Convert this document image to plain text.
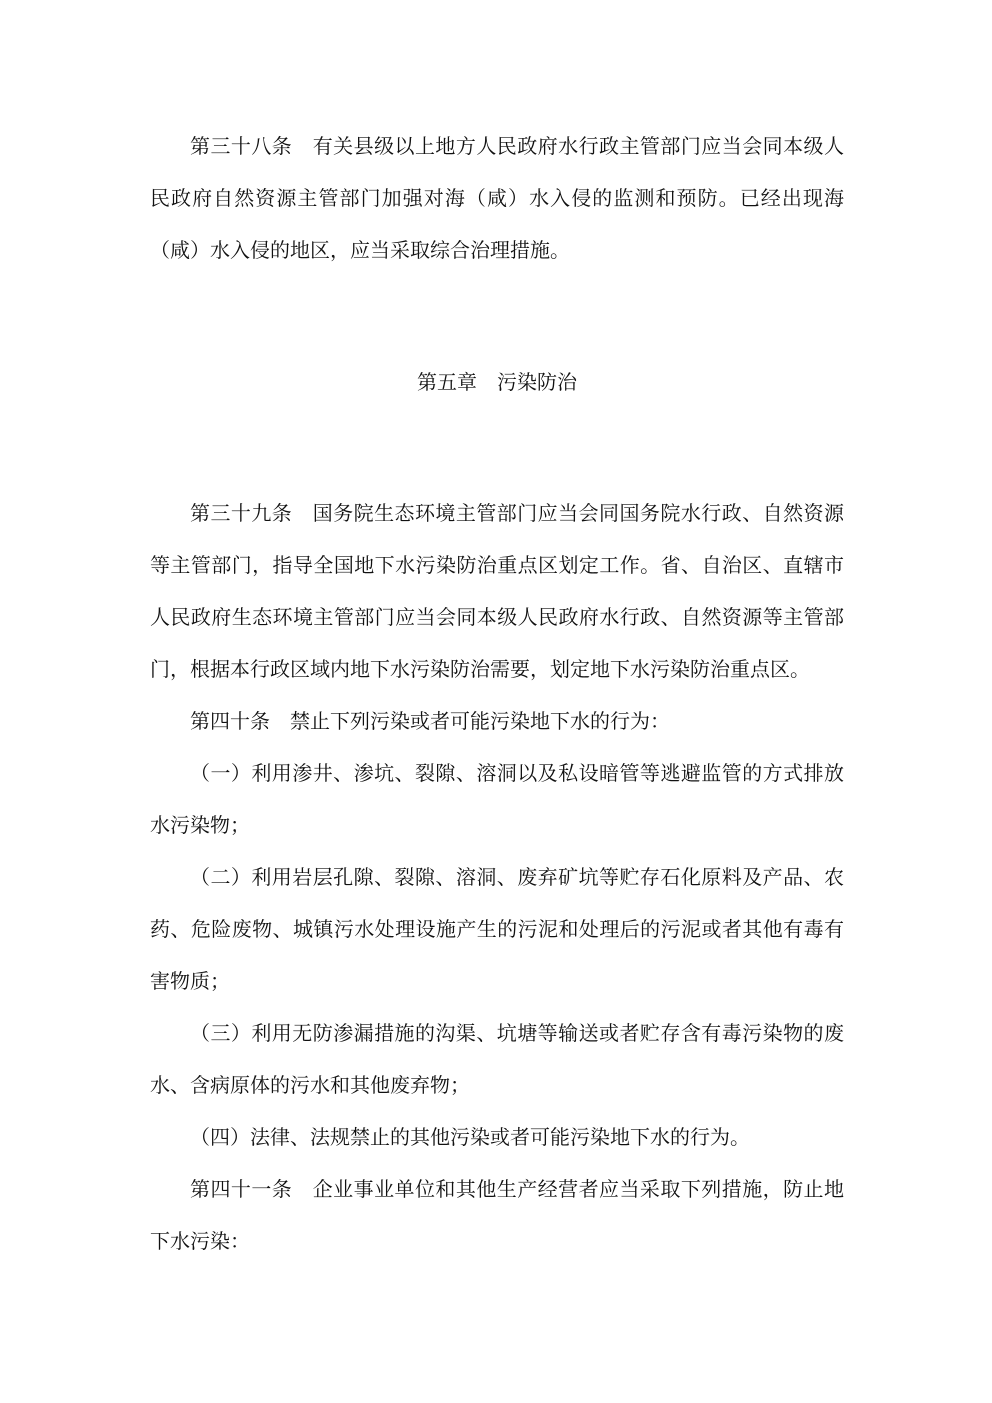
第三十八条　有关县级以上地方人民政府水行政主管部门应当会同本级人民政府自然资源主管部门加强对海（咸）水入侵的监测和预防。已经出现海（咸）水入侵的地区，应当采取综合治理措施。

第五章　污染防治

第三十九条　国务院生态环境主管部门应当会同国务院水行政、自然资源等主管部门，指导全国地下水污染防治重点区划定工作。省、自治区、直辖市人民政府生态环境主管部门应当会同本级人民政府水行政、自然资源等主管部门，根据本行政区域内地下水污染防治需要，划定地下水污染防治重点区。

第四十条　禁止下列污染或者可能污染地下水的行为：

（一）利用渗井、渗坑、裂隙、溶洞以及私设暗管等逃避监管的方式排放水污染物；

（二）利用岩层孔隙、裂隙、溶洞、废弃矿坑等贮存石化原料及产品、农药、危险废物、城镇污水处理设施产生的污泥和处理后的污泥或者其他有毒有害物质；

（三）利用无防渗漏措施的沟渠、坑塘等输送或者贮存含有毒污染物的废水、含病原体的污水和其他废弃物；

（四）法律、法规禁止的其他污染或者可能污染地下水的行为。

第四十一条　企业事业单位和其他生产经营者应当采取下列措施，防止地下水污染：
